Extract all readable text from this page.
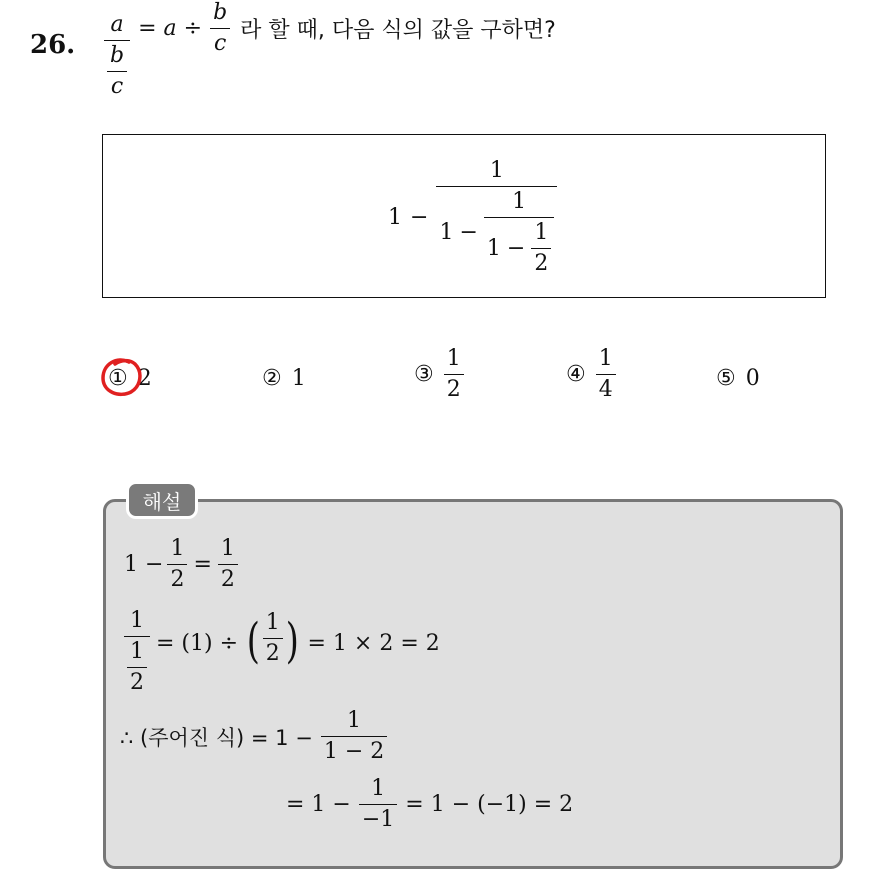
26. $\frac{a}{\frac{b}{c}} = a \div \frac{b}{c}$ 라 할 때, 다음 식의 값을 구하면?
1 −
1
1 −
1
$1 - \frac{1}{2}$
① 2	② 1	③ $\frac{1}{2}$	④ $\frac{1}{4}$	⑤ 0
해설
$1 - \frac{1}{2} = \frac{1}{2}$
$\frac{1}{\frac{1}{2}} = (1)$ ÷ ( $\frac{1}{2}$ ) = 1 × 2 = 2
∴ (주어진 식) = $1 - \frac{1}{1 - 2}$
= $1 - \frac{1}{-1} = 1 - (-1) = 2$
